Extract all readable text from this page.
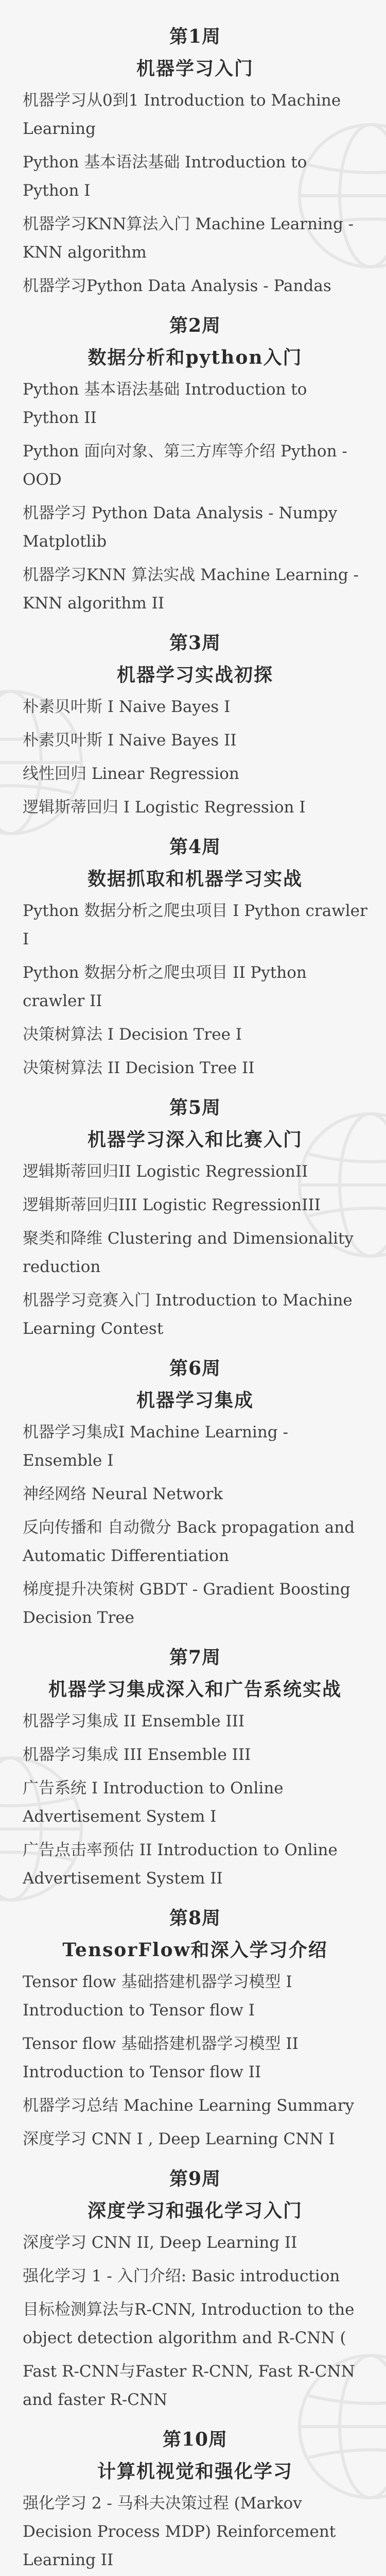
第1周
机器学习入门
机器学习从0到1 Introduction to Machine Learning
Python 基本语法基础 Introduction to Python I
机器学习KNN算法入门 Machine Learning - KNN algorithm
机器学习Python Data Analysis - Pandas
第2周
数据分析和python入门
Python 基本语法基础 Introduction to Python II
Python 面向对象、第三方库等介绍 Python - OOD
机器学习 Python Data Analysis - Numpy Matplotlib
机器学习KNN 算法实战 Machine Learning - KNN algorithm II
第3周
机器学习实战初探
朴素贝叶斯 I Naive Bayes I
朴素贝叶斯 I Naive Bayes II
线性回归 Linear Regression
逻辑斯蒂回归 I Logistic Regression I
第4周
数据抓取和机器学习实战
Python 数据分析之爬虫项目 I Python crawler I
Python 数据分析之爬虫项目 II Python crawler II
决策树算法 I Decision Tree I
决策树算法 II Decision Tree II
第5周
机器学习深入和比赛入门
逻辑斯蒂回归II Logistic RegressionII
逻辑斯蒂回归III Logistic RegressionIII
聚类和降维 Clustering and Dimensionality reduction
机器学习竞赛入门 Introduction to Machine Learning Contest
第6周
机器学习集成
机器学习集成I Machine Learning - Ensemble I
神经网络 Neural Network
反向传播和 自动微分 Back propagation and Automatic Differentiation
梯度提升决策树 GBDT - Gradient Boosting Decision Tree
第7周
机器学习集成深入和广告系统实战
机器学习集成 II Ensemble III
机器学习集成 III Ensemble III
广告系统 I Introduction to Online Advertisement System I
广告点击率预估 II Introduction to Online Advertisement System II
第8周
TensorFlow和深入学习介绍
Tensor flow 基础搭建机器学习模型 I Introduction to Tensor flow I
Tensor flow 基础搭建机器学习模型 II Introduction to Tensor flow II
机器学习总结 Machine Learning Summary
深度学习 CNN I , Deep Learning CNN I
第9周
深度学习和强化学习入门
深度学习 CNN II, Deep Learning II
强化学习 1 - 入门介绍: Basic introduction
目标检测算法与R-CNN, Introduction to the object detection algorithm and R-CNN (
Fast R-CNN与Faster R-CNN, Fast R-CNN and faster R-CNN
第10周
计算机视觉和强化学习
强化学习 2 - 马科夫决策过程 (Markov Decision Process MDP) Reinforcement Learning II
